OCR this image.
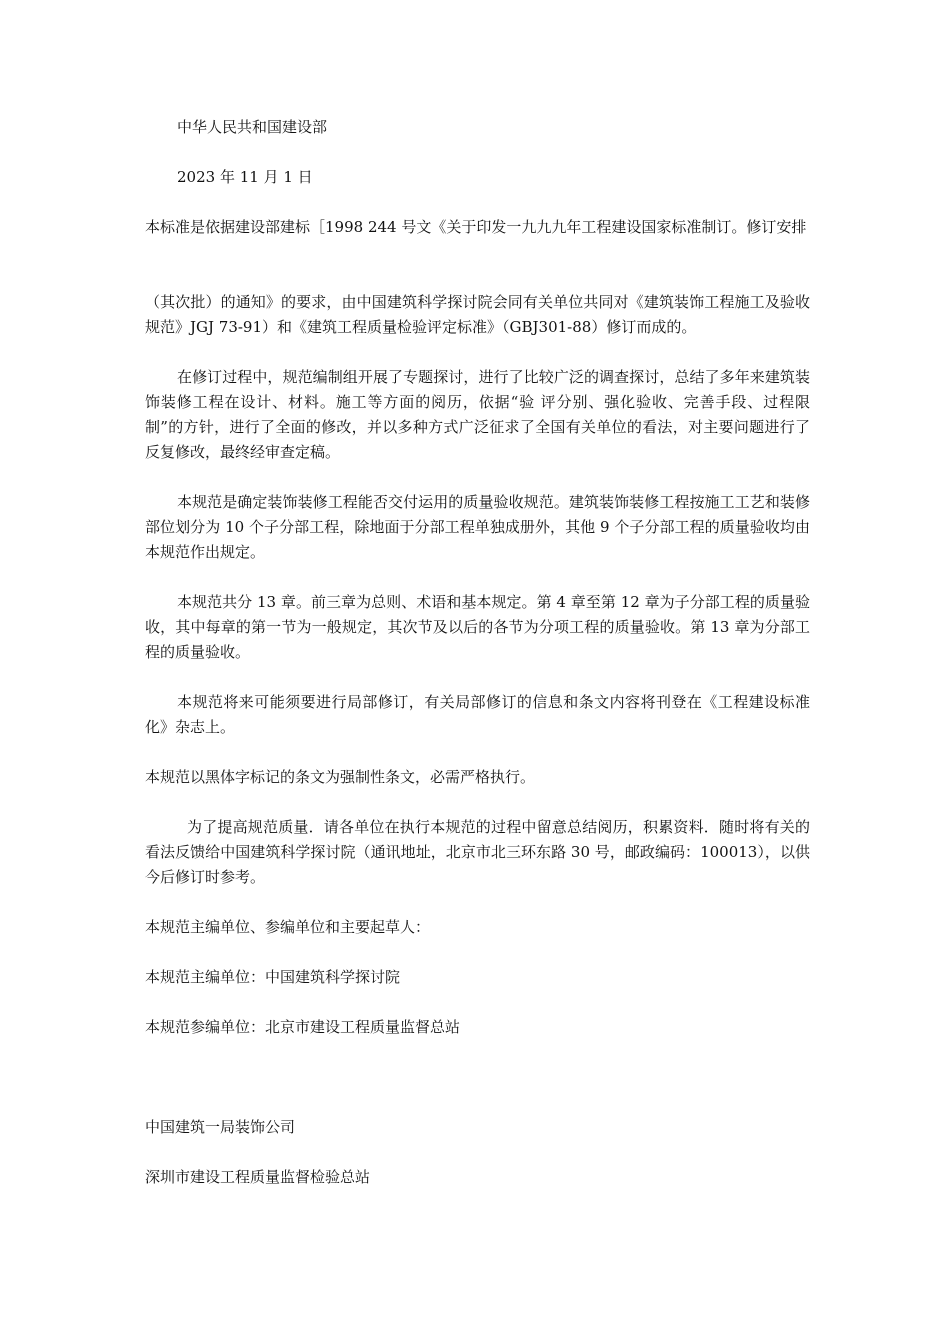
中华人民共和国建设部

2023 年 11 月 1 日

本标准是依据建设部建标［1998 244 号文《关于印发一九九九年工程建设国家标准制订。修订安排

（其次批）的通知》的要求，由中国建筑科学探讨院会同有关单位共同对《建筑装饰工程施工及验收规范》JGJ 73-91）和《建筑工程质量检验评定标准》（GBJ301-88）修订而成的。

在修订过程中，规范编制组开展了专题探讨，进行了比较广泛的调查探讨，总结了多年来建筑装饰装修工程在设计、材料。施工等方面的阅历，依据“验 评分别、强化验收、完善手段、过程限制”的方针，进行了全面的修改，并以多种方式广泛征求了全国有关单位的看法，对主要问题进行了反复修改，最终经审查定稿。

本规范是确定装饰装修工程能否交付运用的质量验收规范。建筑装饰装修工程按施工工艺和装修部位划分为 10 个子分部工程，除地面于分部工程单独成册外，其他 9 个子分部工程的质量验收均由本规范作出规定。

本规范共分 13 章。前三章为总则、术语和基本规定。第 4 章至第 12 章为子分部工程的质量验收，其中每章的第一节为一般规定，其次节及以后的各节为分项工程的质量验收。第 13 章为分部工程的质量验收。

本规范将来可能须要进行局部修订，有关局部修订的信息和条文内容将刊登在《工程建设标准化》杂志上。

本规范以黑体字标记的条文为强制性条文，必需严格执行。

为了提高规范质量．请各单位在执行本规范的过程中留意总结阅历，积累资料．随时将有关的看法反馈给中国建筑科学探讨院（通讯地址，北京市北三环东路 30 号，邮政编码：100013），以供今后修订时参考。

本规范主编单位、参编单位和主要起草人：

本规范主编单位：中国建筑科学探讨院

本规范参编单位：北京市建设工程质量监督总站

中国建筑一局装饰公司

深圳市建设工程质量监督检验总站
